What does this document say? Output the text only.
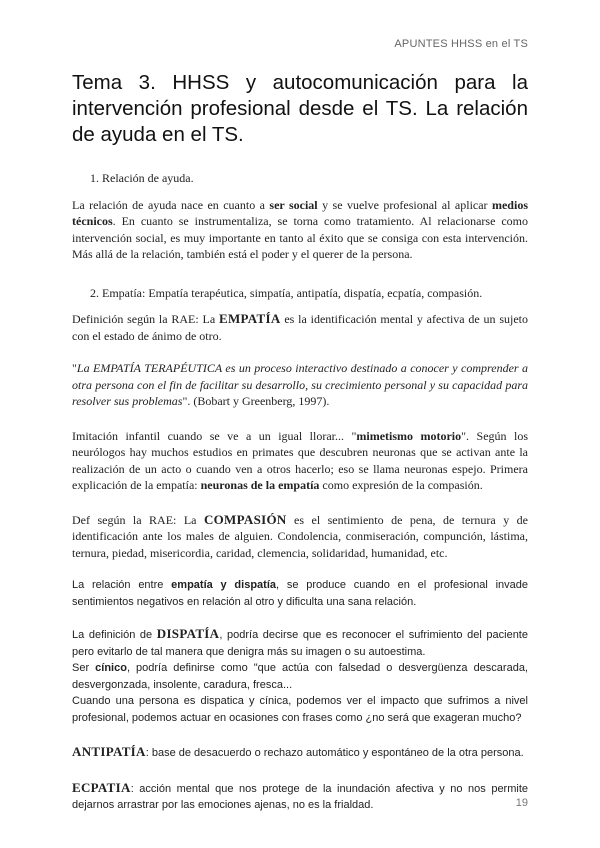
APUNTES HHSS en el TS
Tema 3. HHSS y autocomunicación para la intervención profesional desde el TS. La relación de ayuda en el TS.

1. Relación de ayuda.

La relación de ayuda nace en cuanto a ser social y se vuelve profesional al aplicar medios técnicos. En cuanto se instrumentaliza, se torna como tratamiento. Al relacionarse como intervención social, es muy importante en tanto al éxito que se consiga con esta intervención. Más allá de la relación, también está el poder y el querer de la persona.

2. Empatía: Empatía terapéutica, simpatía, antipatía, dispatía, ecpatía, compasión.

Definición según la RAE: La EMPATÍA es la identificación mental y afectiva de un sujeto con el estado de ánimo de otro.

"La EMPATÍA TERAPÉUTICA es un proceso interactivo destinado a conocer y comprender a otra persona con el fin de facilitar su desarrollo, su crecimiento personal y su capacidad para resolver sus problemas". (Bobart y Greenberg, 1997).

Imitación infantil cuando se ve a un igual llorar... "mimetismo motorio". Según los neurólogos hay muchos estudios en primates que descubren neuronas que se activan ante la realización de un acto o cuando ven a otros hacerlo; eso se llama neuronas espejo. Primera explicación de la empatía: neuronas de la empatía como expresión de la compasión.

Def según la RAE: La COMPASIÓN es el sentimiento de pena, de ternura y de identificación ante los males de alguien. Condolencia, conmiseración, compunción, lástima, ternura, piedad, misericordia, caridad, clemencia, solidaridad, humanidad, etc.

La relación entre empatía y dispatía, se produce cuando en el profesional invade sentimientos negativos en relación al otro y dificulta una sana relación.

La definición de DISPATÍA, podría decirse que es reconocer el sufrimiento del paciente pero evitarlo de tal manera que denigra más su imagen o su autoestima.
Ser cínico, podría definirse como "que actúa con falsedad o desvergüenza descarada, desvergonzada, insolente, caradura, fresca...
Cuando una persona es dispatica y cínica, podemos ver el impacto que sufrimos a nivel profesional, podemos actuar en ocasiones con frases como ¿no será que exageran mucho?

ANTIPATÍA: base de desacuerdo o rechazo automático y espontáneo de la otra persona.

ECPATIA: acción mental que nos protege de la inundación afectiva y no nos permite dejarnos arrastrar por las emociones ajenas, no es la frialdad.	19
